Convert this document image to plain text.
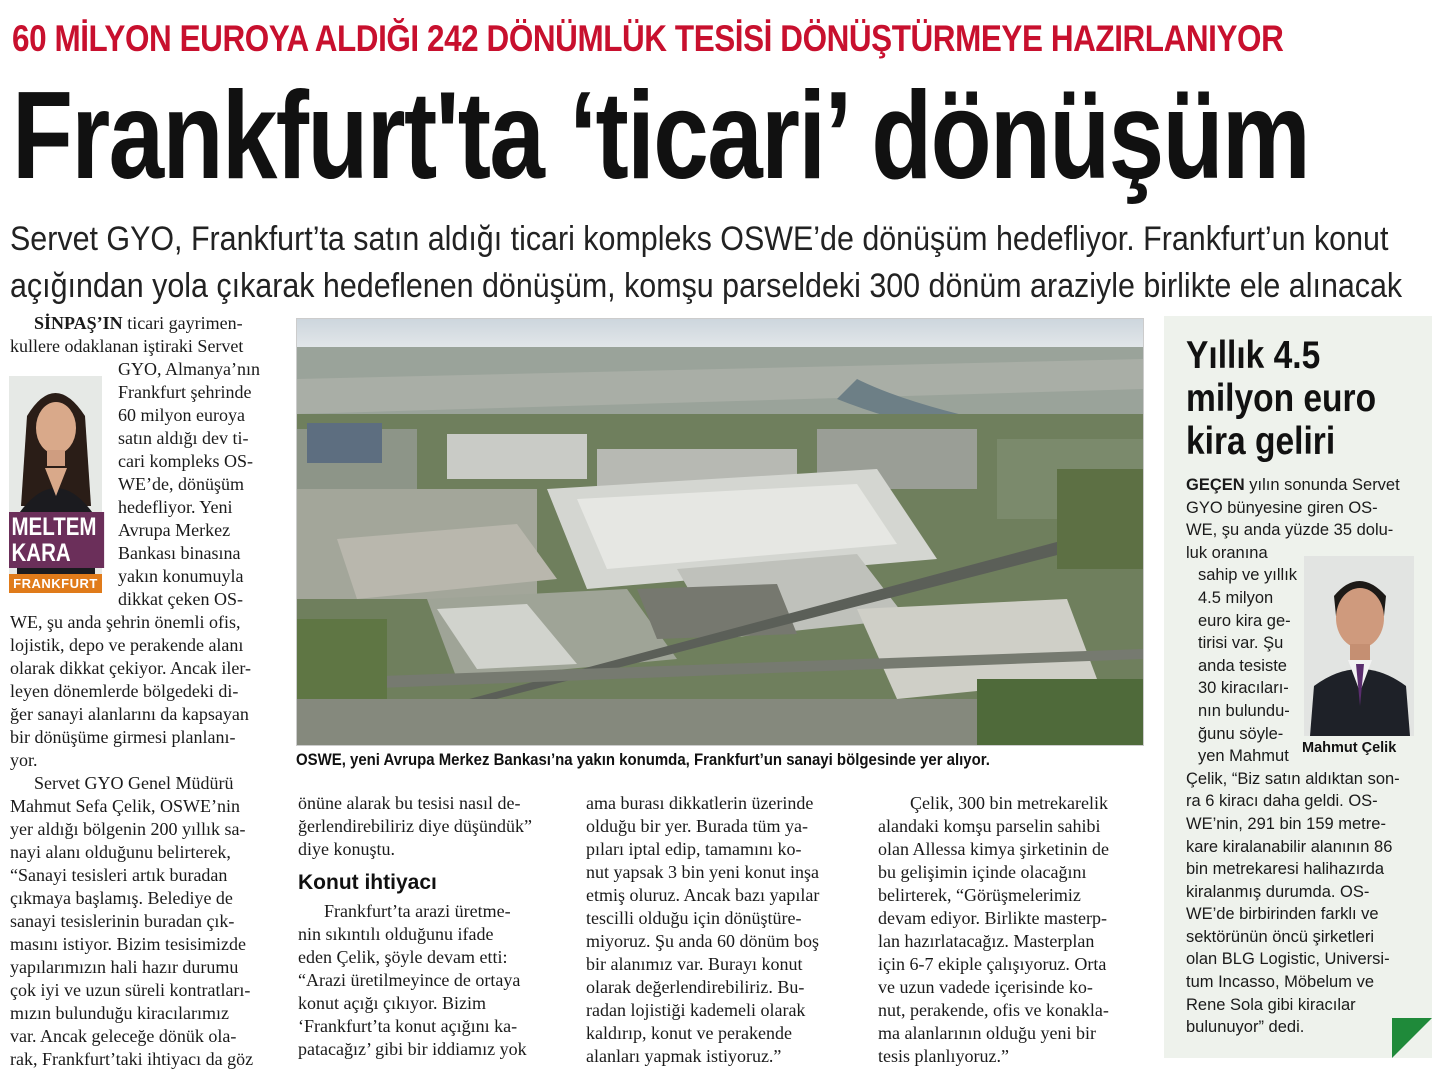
60 MİLYON EUROYA ALDIĞI 242 DÖNÜMLÜK TESİSİ DÖNÜŞTÜRMEYE HAZIRLANIYOR
Frankfurt'ta ‘ticari’ dönüşüm
Servet GYO, Frankfurt’ta satın aldığı ticari kompleks OSWE’de dönüşüm hedefliyor. Frankfurt’un konut
açığından yola çıkarak hedeflenen dönüşüm, komşu parseldeki 300 dönüm araziyle birlikte ele alınacak
SİNPAŞ’IN ticari gayrimen-
kullere odaklanan iştiraki Servet
GYO, Almanya’nın
Frankfurt şehrinde
60 milyon euroya
satın aldığı dev ti-
cari kompleks OS-
WE’de, dönüşüm
hedefliyor. Yeni
Avrupa Merkez
Bankası binasına
yakın konumuyla
dikkat çeken OS-
WE, şu anda şehrin önemli ofis,
lojistik, depo ve perakende alanı
olarak dikkat çekiyor. Ancak iler-
leyen dönemlerde bölgedeki di-
ğer sanayi alanlarını da kapsayan
bir dönüşüme girmesi planlanı-
yor.
Servet GYO Genel Müdürü
Mahmut Sefa Çelik, OSWE’nin
yer aldığı bölgenin 200 yıllık sa-
nayi alanı olduğunu belirterek,
“Sanayi tesisleri artık buradan
çıkmaya başlamış. Belediye de
sanayi tesislerinin buradan çık-
masını istiyor. Bizim tesisimizde
yapılarımızın hali hazır durumu
çok iyi ve uzun süreli kontratları-
mızın bulunduğu kiracılarımız
var. Ancak geleceğe dönük ola-
rak, Frankfurt’taki ihtiyacı da göz
MELTEM
KARA
FRANKFURT
OSWE, yeni Avrupa Merkez Bankası’na yakın konumda, Frankfurt’un sanayi bölgesinde yer alıyor.
önüne alarak bu tesisi nasıl de-
ğerlendirebiliriz diye düşündük”
diye konuştu.
Konut ihtiyacı
Frankfurt’ta arazi üretme-
nin sıkıntılı olduğunu ifade
eden Çelik, şöyle devam etti:
“Arazi üretilmeyince de ortaya
konut açığı çıkıyor. Bizim
‘Frankfurt’ta konut açığını ka-
patacağız’ gibi bir iddiamız yok
ama burası dikkatlerin üzerinde
olduğu bir yer. Burada tüm ya-
pıları iptal edip, tamamını ko-
nut yapsak 3 bin yeni konut inşa
etmiş oluruz. Ancak bazı yapılar
tescilli olduğu için dönüştüre-
miyoruz. Şu anda 60 dönüm boş
bir alanımız var. Burayı konut
olarak değerlendirebiliriz. Bu-
radan lojistiği kademeli olarak
kaldırıp, konut ve perakende
alanları yapmak istiyoruz.”
Çelik, 300 bin metrekarelik
alandaki komşu parselin sahibi
olan Allessa kimya şirketinin de
bu gelişimin içinde olacağını
belirterek, “Görüşmelerimiz
devam ediyor. Birlikte masterp-
lan hazırlatacağız. Masterplan
için 6-7 ekiple çalışıyoruz. Orta
ve uzun vadede içerisinde ko-
nut, perakende, ofis ve konakla-
ma alanlarının olduğu yeni bir
tesis planlıyoruz.”
Yıllık 4.5
milyon euro
kira geliri
GEÇEN yılın sonunda Servet
GYO bünyesine giren OS-
WE, şu anda yüzde 35 dolu-
luk oranına
sahip ve yıllık
4.5 milyon
euro kira ge-
tirisi var. Şu
anda tesiste
30 kiracıları-
nın bulundu-
ğunu söyle-
yen Mahmut
Çelik, “Biz satın aldıktan son-
ra 6 kiracı daha geldi. OS-
WE’nin, 291 bin 159 metre-
kare kiralanabilir alanının 86
bin metrekaresi halihazırda
kiralanmış durumda. OS-
WE’de birbirinden farklı ve
sektörünün öncü şirketleri
olan BLG Logistic, Universi-
tum Incasso, Möbelum ve
Rene Sola gibi kiracılar
bulunuyor” dedi.
Mahmut Çelik
